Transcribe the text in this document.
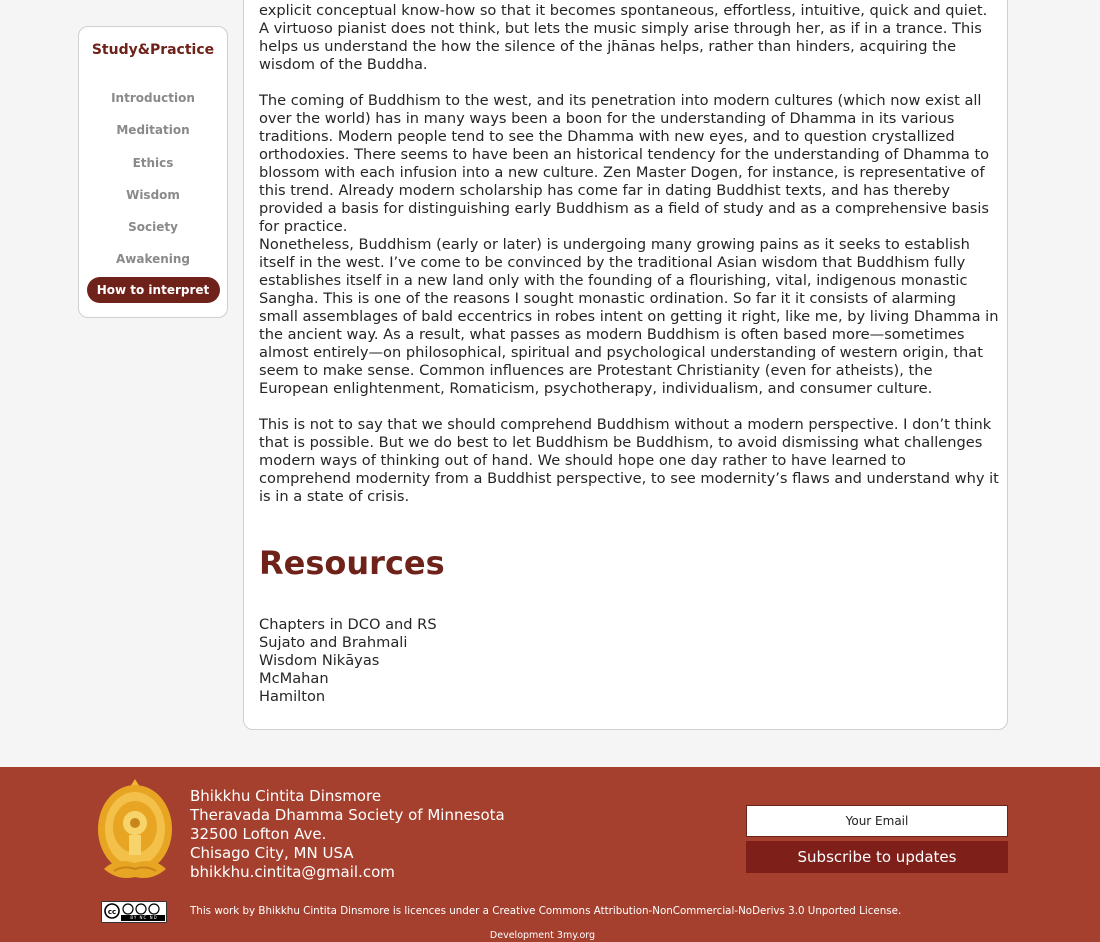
Study&Practice
Introduction
Meditation
Ethics
Wisdom
Society
Awakening
How to interpret

explicit conceptual know-how so that it becomes spontaneous, effortless, intuitive, quick and quiet. A virtuoso pianist does not think, but lets the music simply arise through her, as if in a trance. This helps us understand the how the silence of the jhānas helps, rather than hinders, acquiring the wisdom of the Buddha.

The coming of Buddhism to the west, and its penetration into modern cultures (which now exist all over the world) has in many ways been a boon for the understanding of Dhamma in its various traditions. Modern people tend to see the Dhamma with new eyes, and to question crystallized orthodoxies. There seems to have been an historical tendency for the understanding of Dhamma to blossom with each infusion into a new culture. Zen Master Dogen, for instance, is representative of this trend. Already modern scholarship has come far in dating Buddhist texts, and has thereby provided a basis for distinguishing early Buddhism as a field of study and as a comprehensive basis for practice.

Nonetheless, Buddhism (early or later) is undergoing many growing pains as it seeks to establish itself in the west. I’ve come to be convinced by the traditional Asian wisdom that Buddhism fully establishes itself in a new land only with the founding of a flourishing, vital, indigenous monastic Sangha. This is one of the reasons I sought monastic ordination. So far it it consists of alarming small assemblages of bald eccentrics in robes intent on getting it right, like me, by living Dhamma in the ancient way. As a result, what passes as modern Buddhism is often based more—sometimes almost entirely—on philosophical, spiritual and psychological understanding of western origin, that seem to make sense. Common influences are Protestant Christianity (even for atheists), the European enlightenment, Romaticism, psychotherapy, individualism, and consumer culture.

This is not to say that we should comprehend Buddhism without a modern perspective. I don’t think that is possible. But we do best to let Buddhism be Buddhism, to avoid dismissing what challenges modern ways of thinking out of hand. We should hope one day rather to have learned to comprehend modernity from a Buddhist perspective, to see modernity’s flaws and understand why it is in a state of crisis.

Resources
Chapters in DCO and RS
Sujato and Brahmali
Wisdom Nikāyas
McMahan
Hamilton
Bhikkhu Cintita Dinsmore
Theravada Dhamma Society of Minnesota
32500 Lofton Ave.
Chisago City, MN USA
bhikkhu.cintita@gmail.com
Your Email
Subscribe to updates
cc
BY NC ND

This work by Bhikkhu Cintita Dinsmore is licences under a Creative Commons Attribution-NonCommercial-NoDerivs 3.0 Unported License.

Development 3my.org
